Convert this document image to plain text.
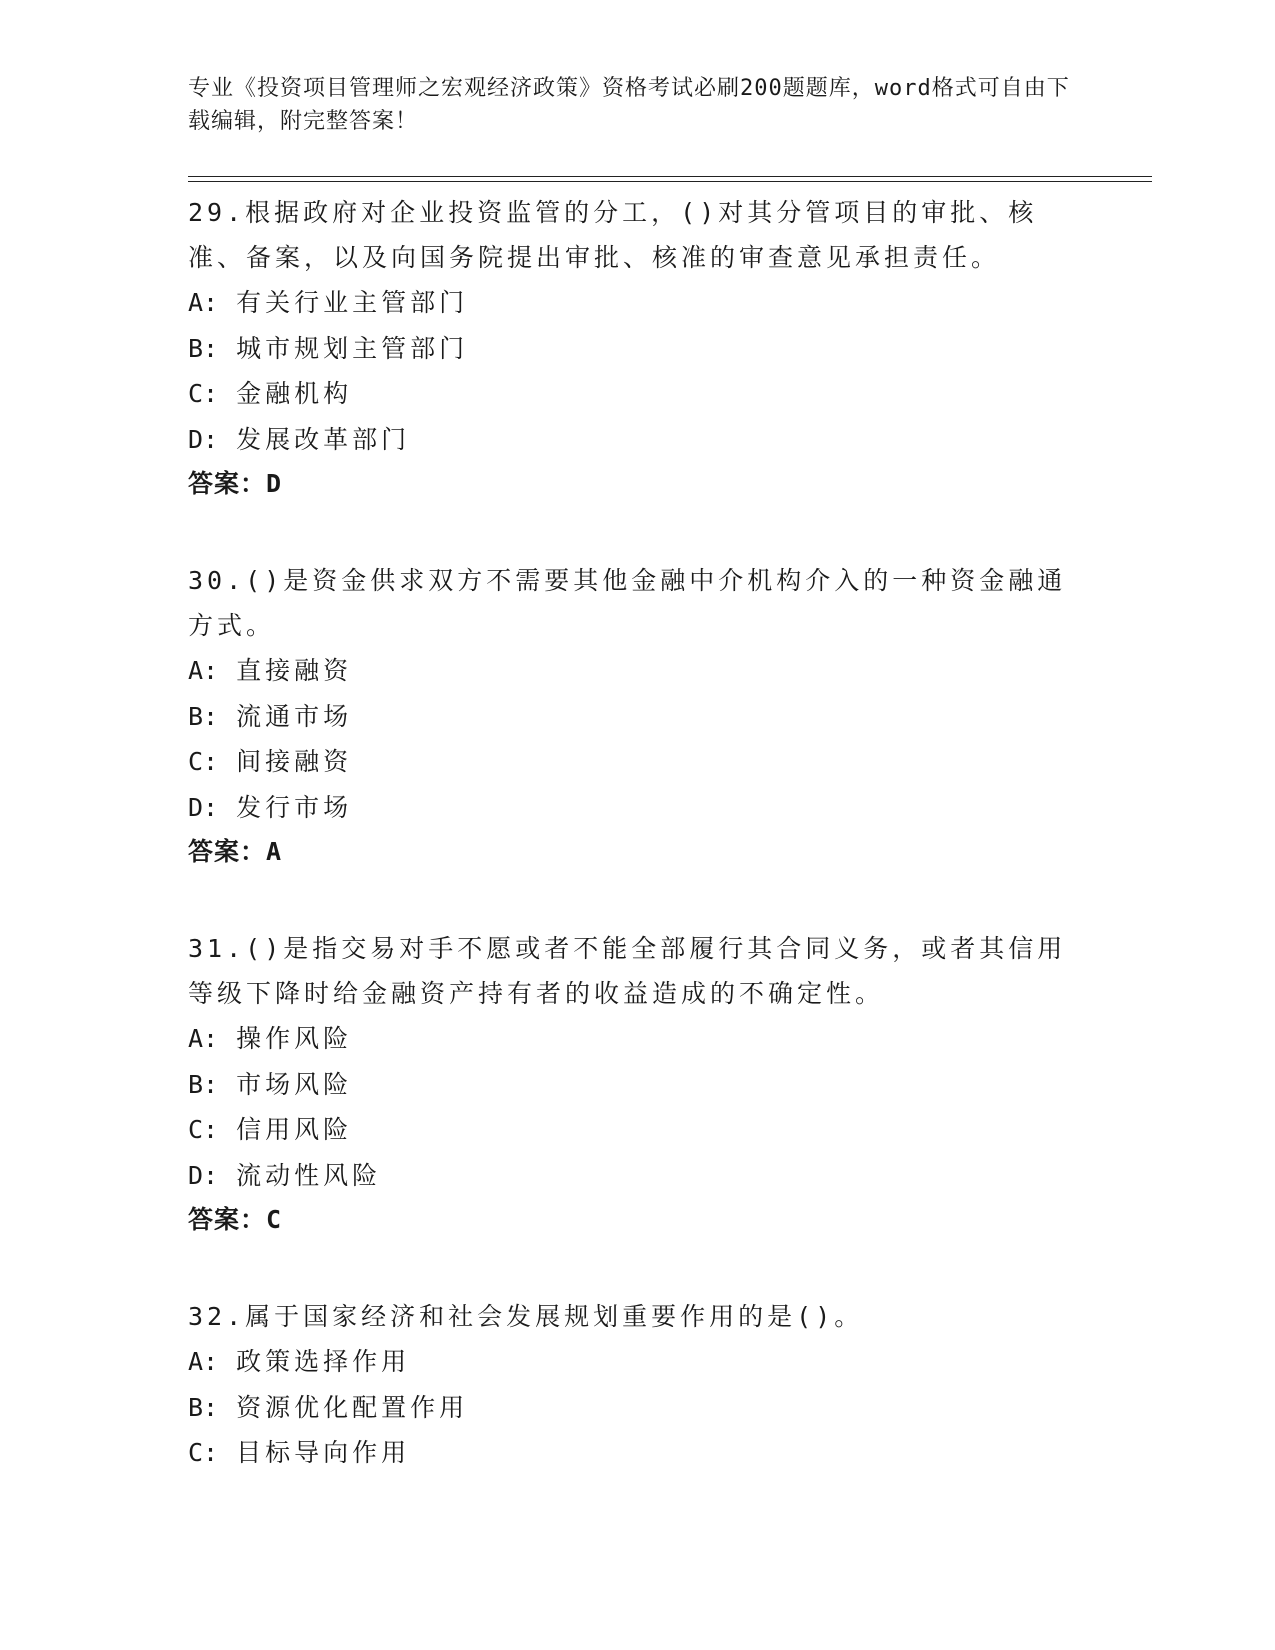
专业《投资项目管理师之宏观经济政策》资格考试必刷200题题库，word格式可自由下载编辑，附完整答案！
29.根据政府对企业投资监管的分工，()对其分管项目的审批、核准、备案，以及向国务院提出审批、核准的审查意见承担责任。
A: 有关行业主管部门
B: 城市规划主管部门
C: 金融机构
D: 发展改革部门
答案：D
30.()是资金供求双方不需要其他金融中介机构介入的一种资金融通方式。
A: 直接融资
B: 流通市场
C: 间接融资
D: 发行市场
答案：A
31.()是指交易对手不愿或者不能全部履行其合同义务，或者其信用等级下降时给金融资产持有者的收益造成的不确定性。
A: 操作风险
B: 市场风险
C: 信用风险
D: 流动性风险
答案：C
32.属于国家经济和社会发展规划重要作用的是()。
A: 政策选择作用
B: 资源优化配置作用
C: 目标导向作用
